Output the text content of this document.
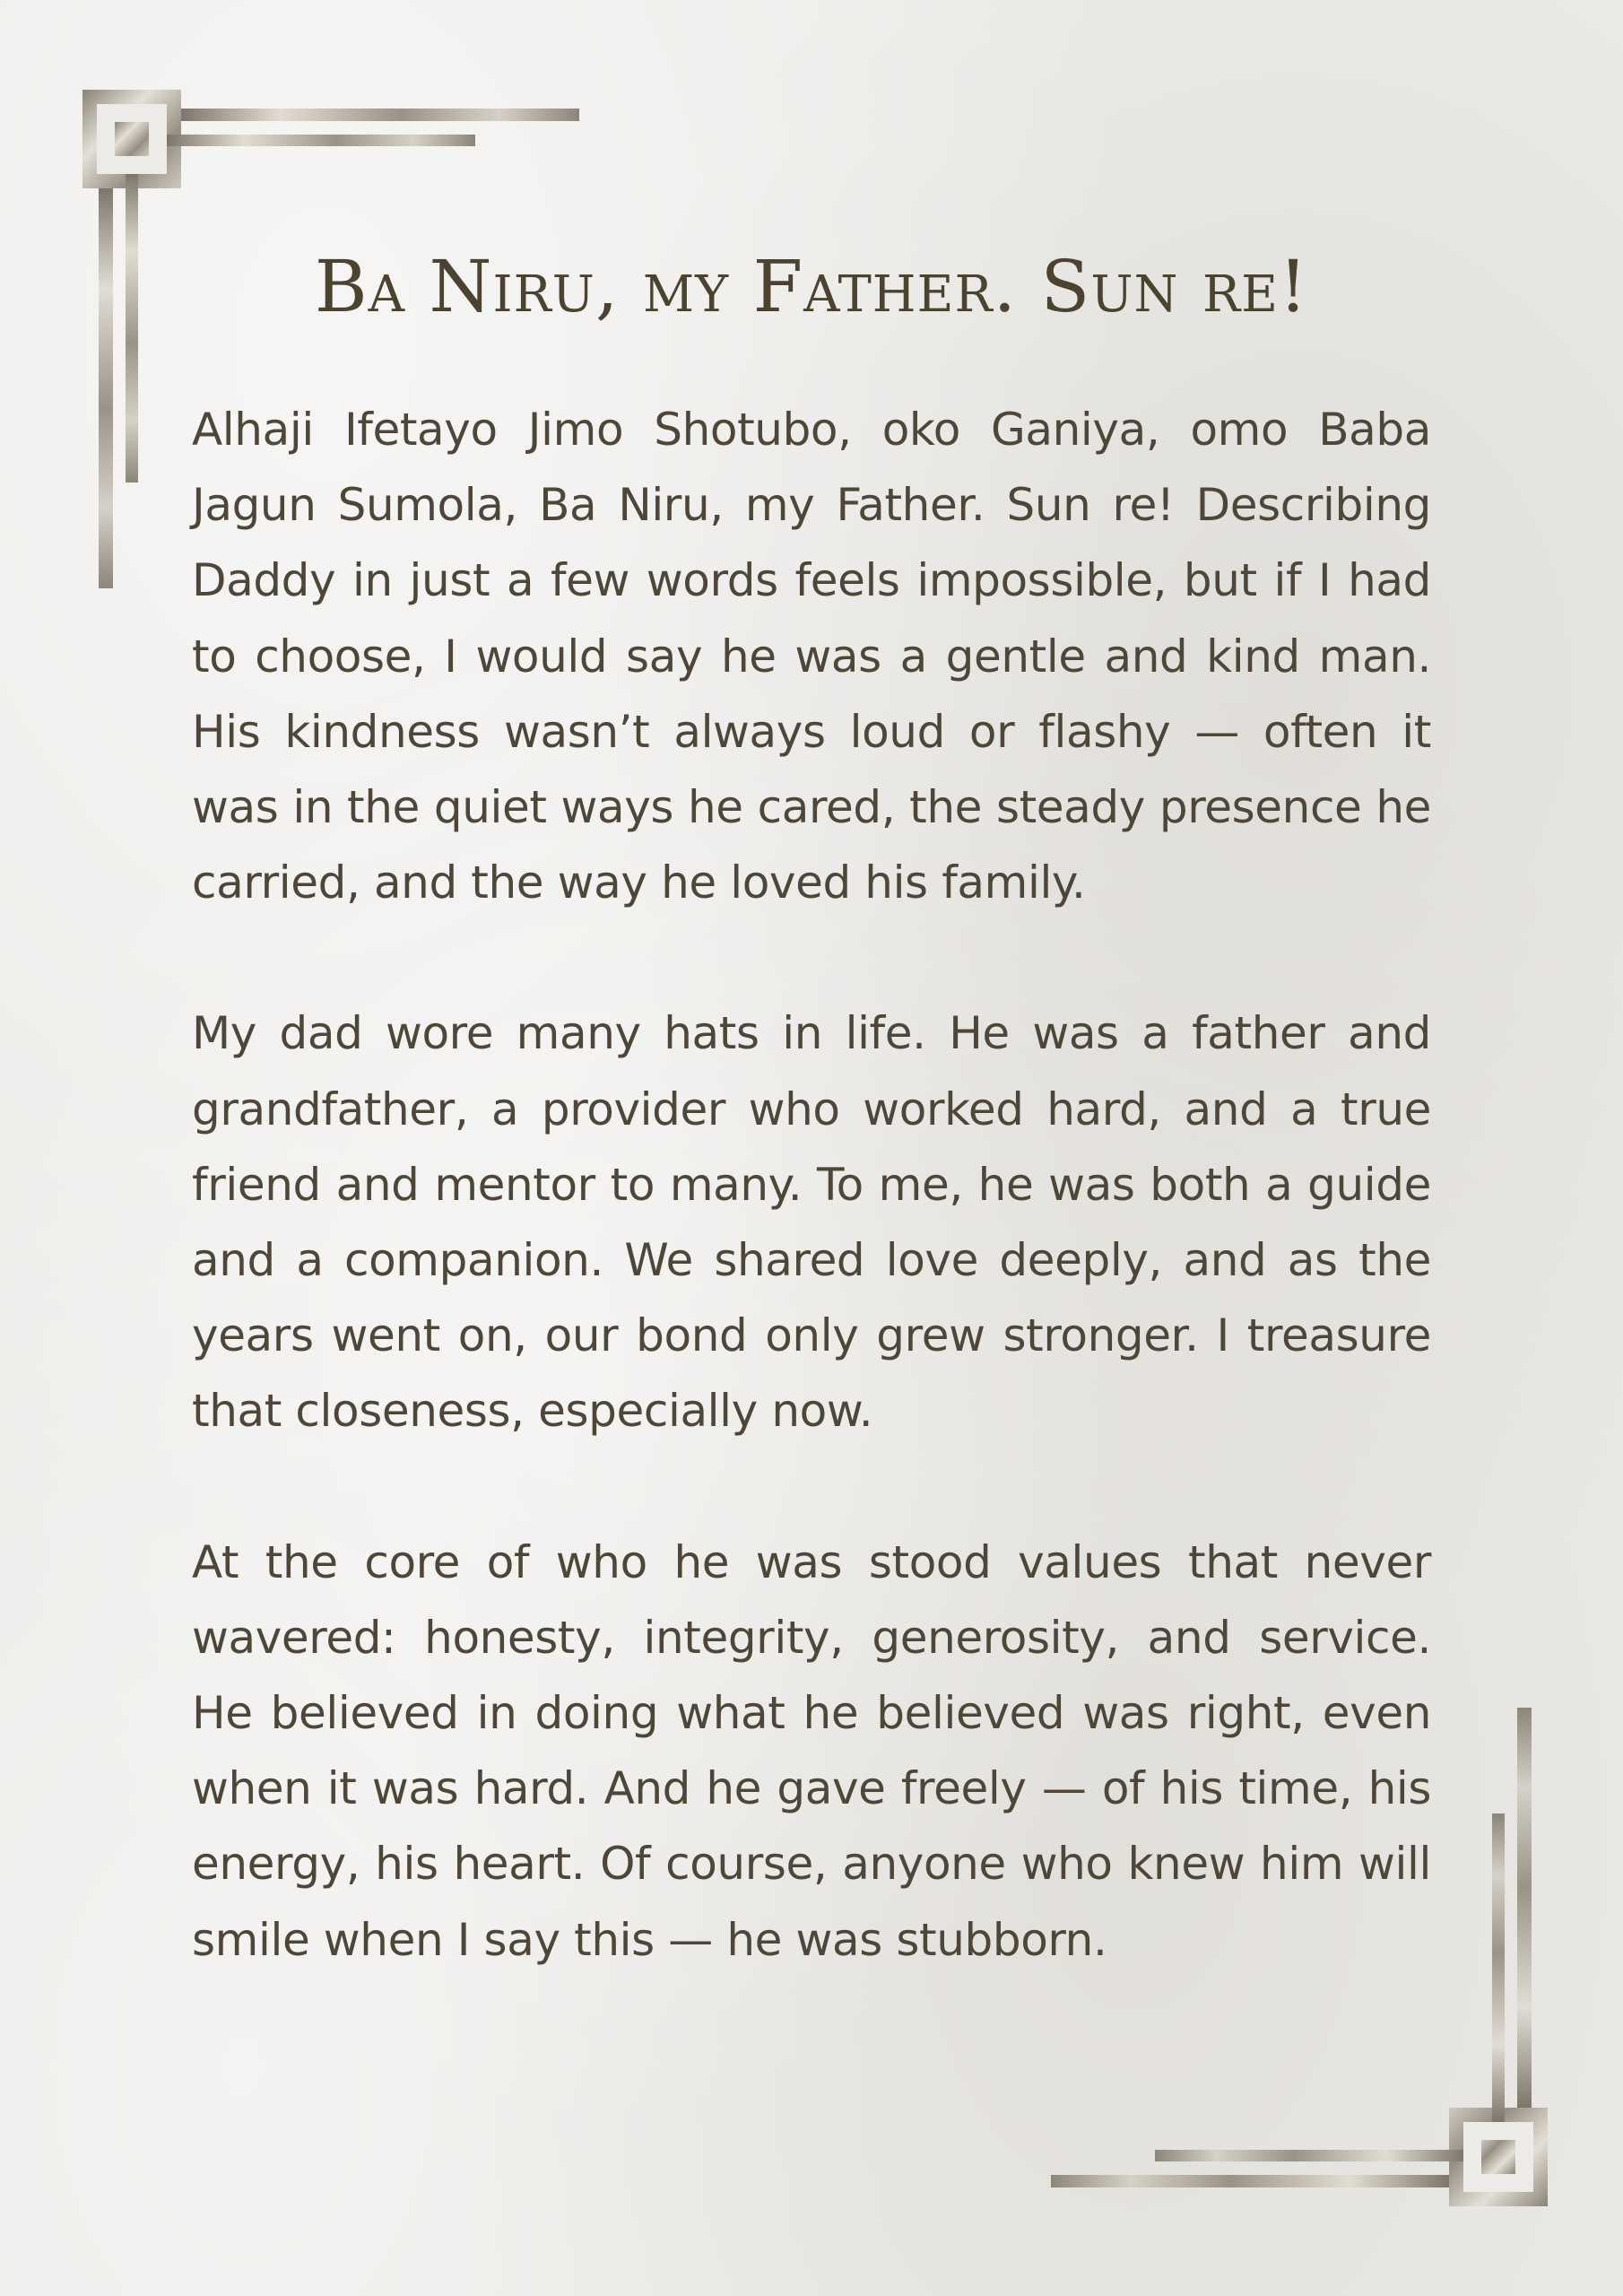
Ba Niru, my Father. Sun re!

Alhaji Ifetayo Jimo Shotubo, oko Ganiya, omo Baba Jagun Sumola, Ba Niru, my Father. Sun re! Describing Daddy in just a few words feels impossible, but if I had to choose, I would say he was a gentle and kind man. His kindness wasn’t always loud or flashy — often it was in the quiet ways he cared, the steady presence he carried, and the way he loved his family.

My dad wore many hats in life. He was a father and grandfather, a provider who worked hard, and a true friend and mentor to many. To me, he was both a guide and a companion. We shared love deeply, and as the years went on, our bond only grew stronger. I treasure that closeness, especially now.

At the core of who he was stood values that never wavered: honesty, integrity, generosity, and service. He believed in doing what he believed was right, even when it was hard. And he gave freely — of his time, his energy, his heart. Of course, anyone who knew him will smile when I say this — he was stubborn.
